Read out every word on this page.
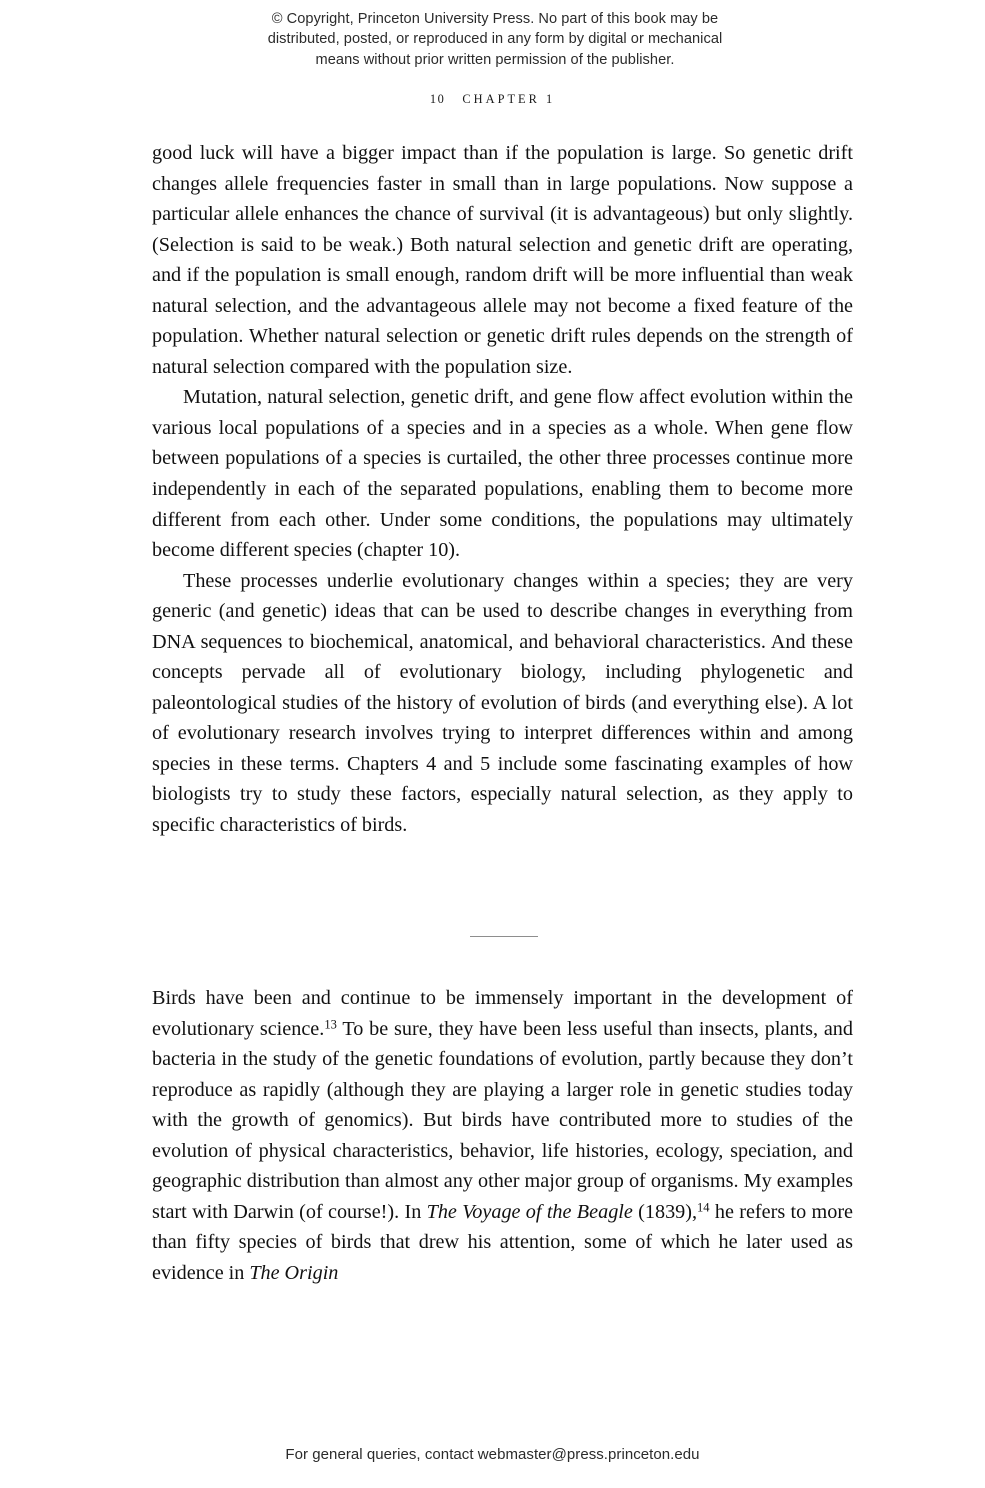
© Copyright, Princeton University Press. No part of this book may be
distributed, posted, or reproduced in any form by digital or mechanical
means without prior written permission of the publisher.
10 CHAPTER 1

good luck will have a bigger impact than if the population is large. So genetic drift changes allele frequencies faster in small than in large populations. Now suppose a particular allele enhances the chance of survival (it is advantageous) but only slightly. (Selection is said to be weak.) Both natural selection and genetic drift are operating, and if the population is small enough, random drift will be more influential than weak natural selection, and the advantageous allele may not become a fixed feature of the population. Whether natural selection or genetic drift rules depends on the strength of natural selection compared with the population size.

Mutation, natural selection, genetic drift, and gene flow affect evolution within the various local populations of a species and in a species as a whole. When gene flow between populations of a species is curtailed, the other three processes continue more independently in each of the separated populations, enabling them to become more different from each other. Under some conditions, the populations may ultimately become different species (chapter 10).

These processes underlie evolutionary changes within a species; they are very generic (and genetic) ideas that can be used to describe changes in everything from DNA sequences to biochemical, anatomical, and behavioral characteristics. And these concepts pervade all of evolutionary biology, including phylogenetic and paleontological studies of the history of evolution of birds (and everything else). A lot of evolutionary research involves trying to interpret differences within and among species in these terms. Chapters 4 and 5 include some fascinating examples of how biologists try to study these factors, especially natural selection, as they apply to specific characteristics of birds.

Birds have been and continue to be immensely important in the development of evolutionary science.$^{13}$ To be sure, they have been less useful than insects, plants, and bacteria in the study of the genetic foundations of evolution, partly because they don’t reproduce as rapidly (although they are playing a larger role in genetic studies today with the growth of genomics). But birds have contributed more to studies of the evolution of physical characteristics, behavior, life histories, ecology, speciation, and geographic distribution than almost any other major group of organisms. My examples start with Darwin (of course!). In The Voyage of the Beagle (1839),$^{14}$ he refers to more than fifty species of birds that drew his attention, some of which he later used as evidence in The Origin

For general queries, contact webmaster@press.princeton.edu
